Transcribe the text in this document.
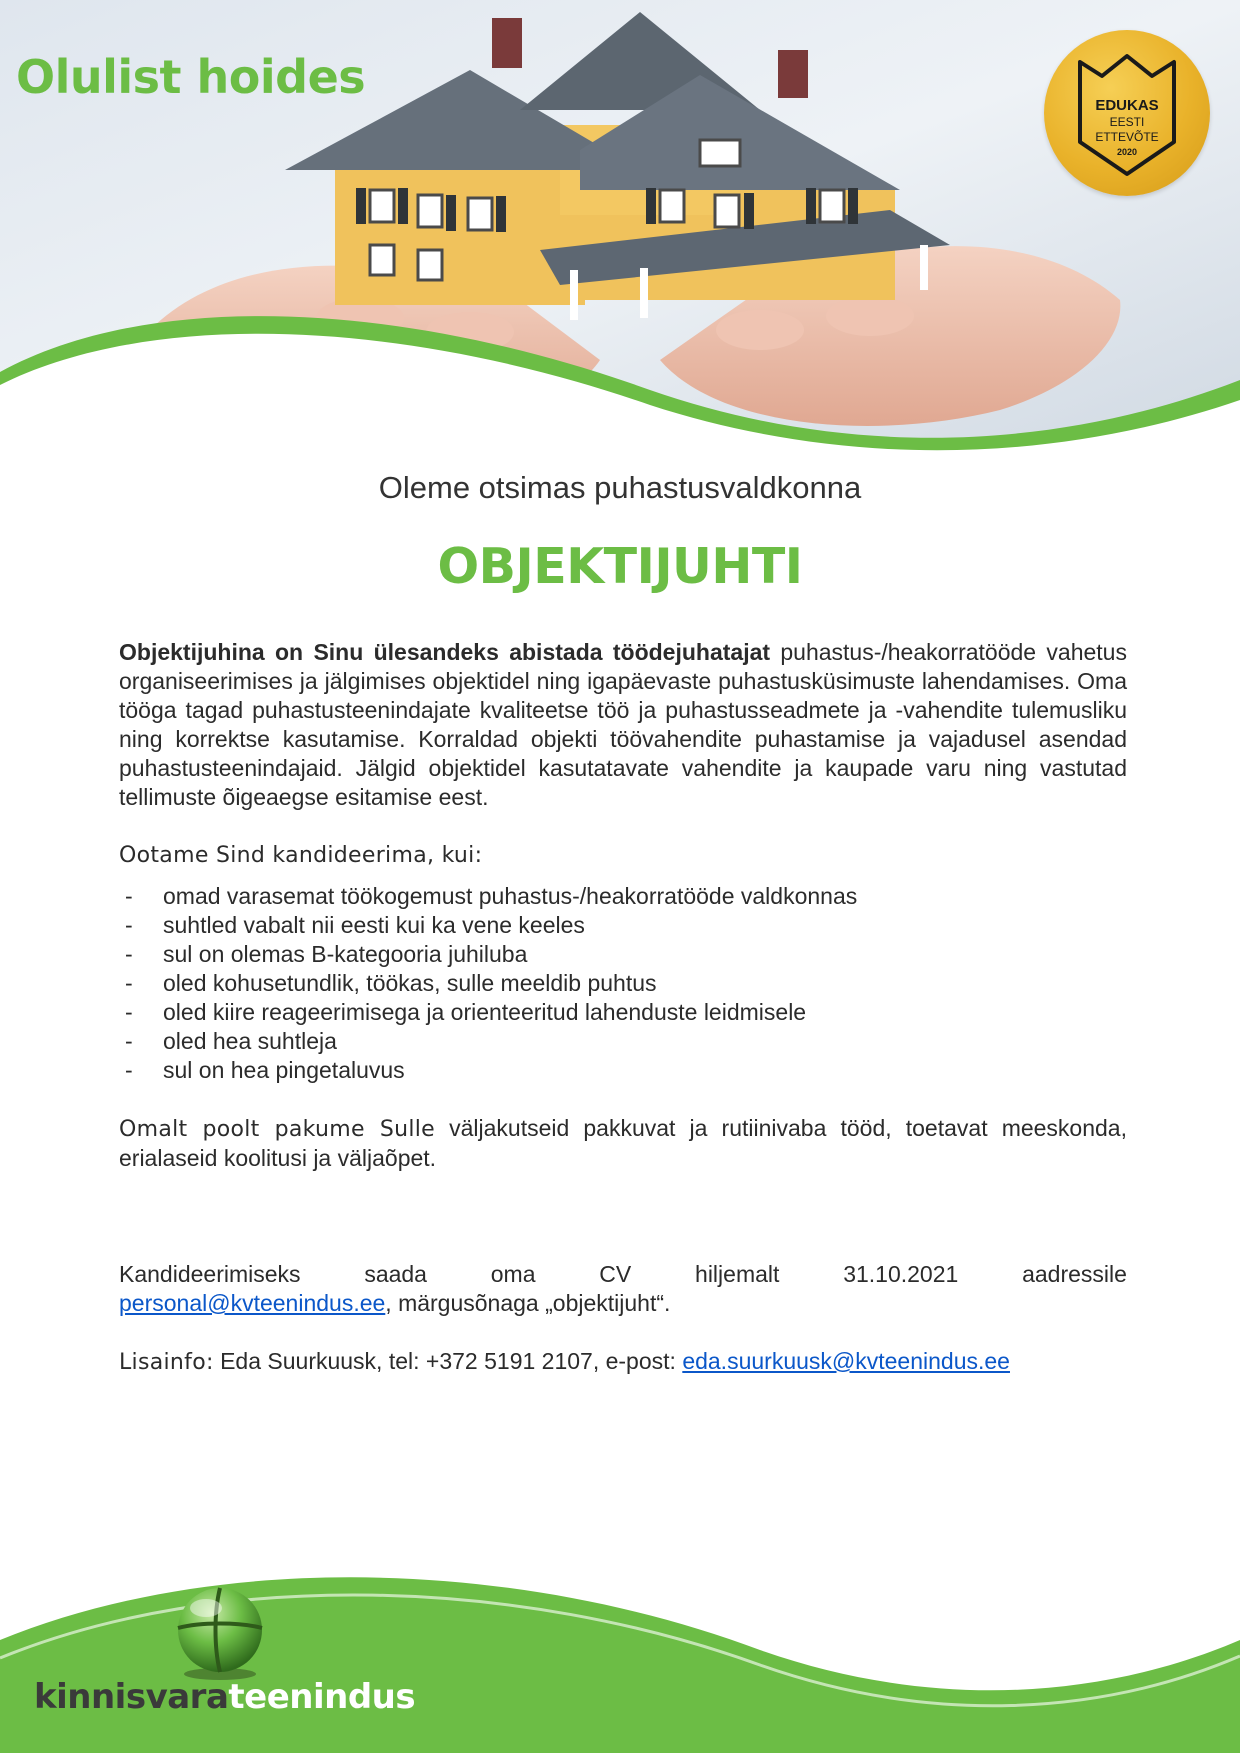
Olulist hoides
EDUKAS
EESTI
ETTEVÕTE
2020

Oleme otsimas puhastusvaldkonna

OBJEKTIJUHTI

Objektijuhina on Sinu ülesandeks abistada töödejuhatajat puhastus-/heakorratööde vahetus organiseerimises ja jälgimises objektidel ning igapäevaste puhastusküsimuste lahendamises. Oma tööga tagad puhastusteenindajate kvaliteetse töö ja puhastusseadmete ja -vahendite tulemusliku ning korrektse kasutamise. Korraldad objekti töövahendite puhastamise ja vajadusel asendad puhastusteenindajaid. Jälgid objektidel kasutatavate vahendite ja kaupade varu ning vastutad tellimuste õigeaegse esitamise eest.

Ootame Sind kandideerima, kui:

- omad varasemat töökogemust puhastus-/heakorratööde valdkonnas
- suhtled vabalt nii eesti kui ka vene keeles
- sul on olemas B-kategooria juhiluba
- oled kohusetundlik, töökas, sulle meeldib puhtus
- oled kiire reageerimisega ja orienteeritud lahenduste leidmisele
- oled hea suhtleja
- sul on hea pingetaluvus

Omalt poolt pakume Sulle väljakutseid pakkuvat ja rutiinivaba tööd, toetavat meeskonda, erialaseid koolitusi ja väljaõpet.

Kandideerimiseks	saada	oma	CV	hiljemalt	31.10.2021	aadressile
personal@kvteenindus.ee, märgusõnaga „objektijuht“.

Lisainfo: Eda Suurkuusk, tel: +372 5191 2107, e-post: eda.suurkuusk@kvteenindus.ee

kinnisvarateenindus
